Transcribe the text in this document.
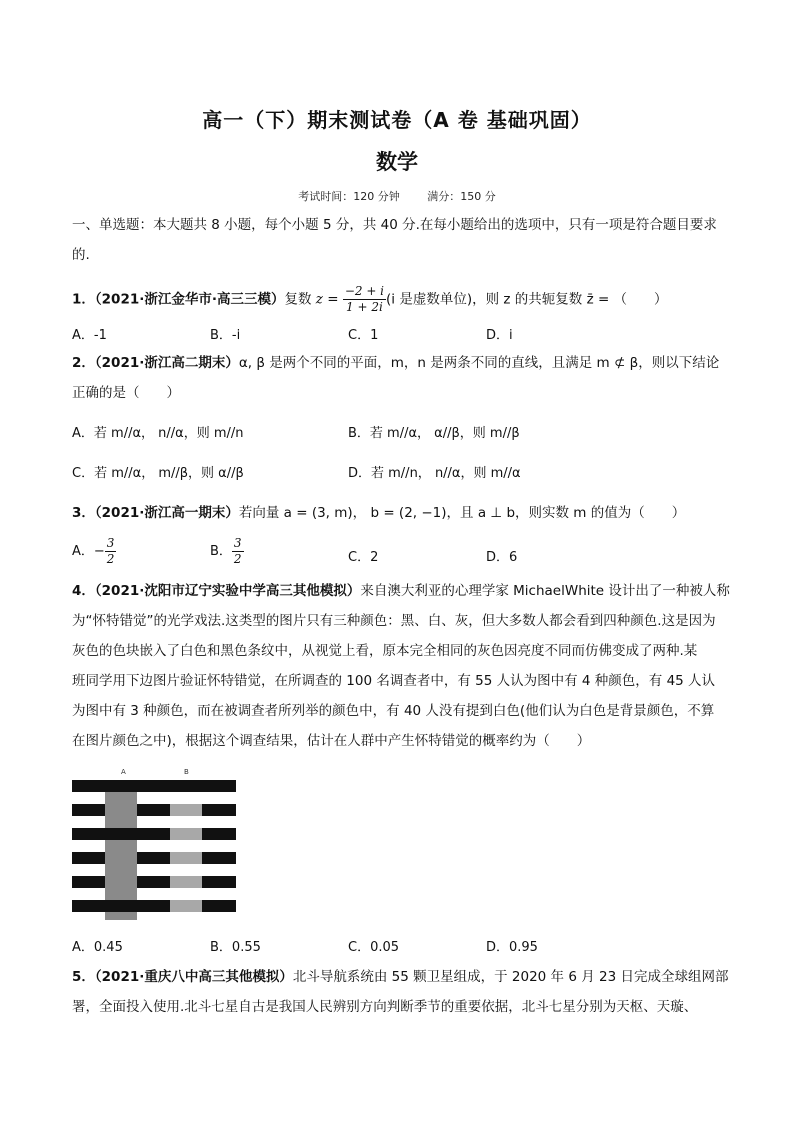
高一（下）期末测试卷（A 卷 基础巩固）
数学
考试时间：120 分钟	满分：150 分
一、单选题：本大题共 8 小题，每个小题 5 分，共 40 分.在每小题给出的选项中，只有一项是符合题目要求
的.
1．（2021·浙江金华市·高三三模）复数 $z = \frac{-2 + i}{1 + 2i} (i$ 是虚数单位)，则 z 的共轭复数 z̄ = （　　）
A．-1	B．-i	C．1	D．i
2．（2021·浙江高二期末）α, β 是两个不同的平面，m，n 是两条不同的直线，且满足 m ⊄ β，则以下结论
正确的是（　　）
A．若 m//α， n//α，则 m//n	B．若 m//α， α//β，则 m//β
C．若 m//α， m//β，则 α//β	D．若 m//n， n//α，则 m//α
3．（2021·浙江高一期末）若向量 a = (3, m)， b = (2, −1)，且 a ⊥ b，则实数 m 的值为（　　）
A．− $\frac{3}{2}$	B． $\frac{3}{2}$	C．2	D．6
4．（2021·沈阳市辽宁实验中学高三其他模拟）来自澳大利亚的心理学家 MichaelWhite 设计出了一种被人称
为“怀特错觉”的光学戏法.这类型的图片只有三种颜色：黑、白、灰，但大多数人都会看到四种颜色.这是因为
灰色的色块嵌入了白色和黑色条纹中，从视觉上看，原本完全相同的灰色因亮度不同而仿佛变成了两种.某
班同学用下边图片验证怀特错觉，在所调查的 100 名调查者中，有 55 人认为图中有 4 种颜色，有 45 人认
为图中有 3 种颜色，而在被调查者所列举的颜色中，有 40 人没有提到白色(他们认为白色是背景颜色，不算
在图片颜色之中)，根据这个调查结果，估计在人群中产生怀特错觉的概率约为（　　）
A	B
A．0.45	B．0.55	C．0.05	D．0.95
5．（2021·重庆八中高三其他模拟）北斗导航系统由 55 颗卫星组成，于 2020 年 6 月 23 日完成全球组网部
署，全面投入使用.北斗七星自古是我国人民辨别方向判断季节的重要依据，北斗七星分别为天枢、天璇、
